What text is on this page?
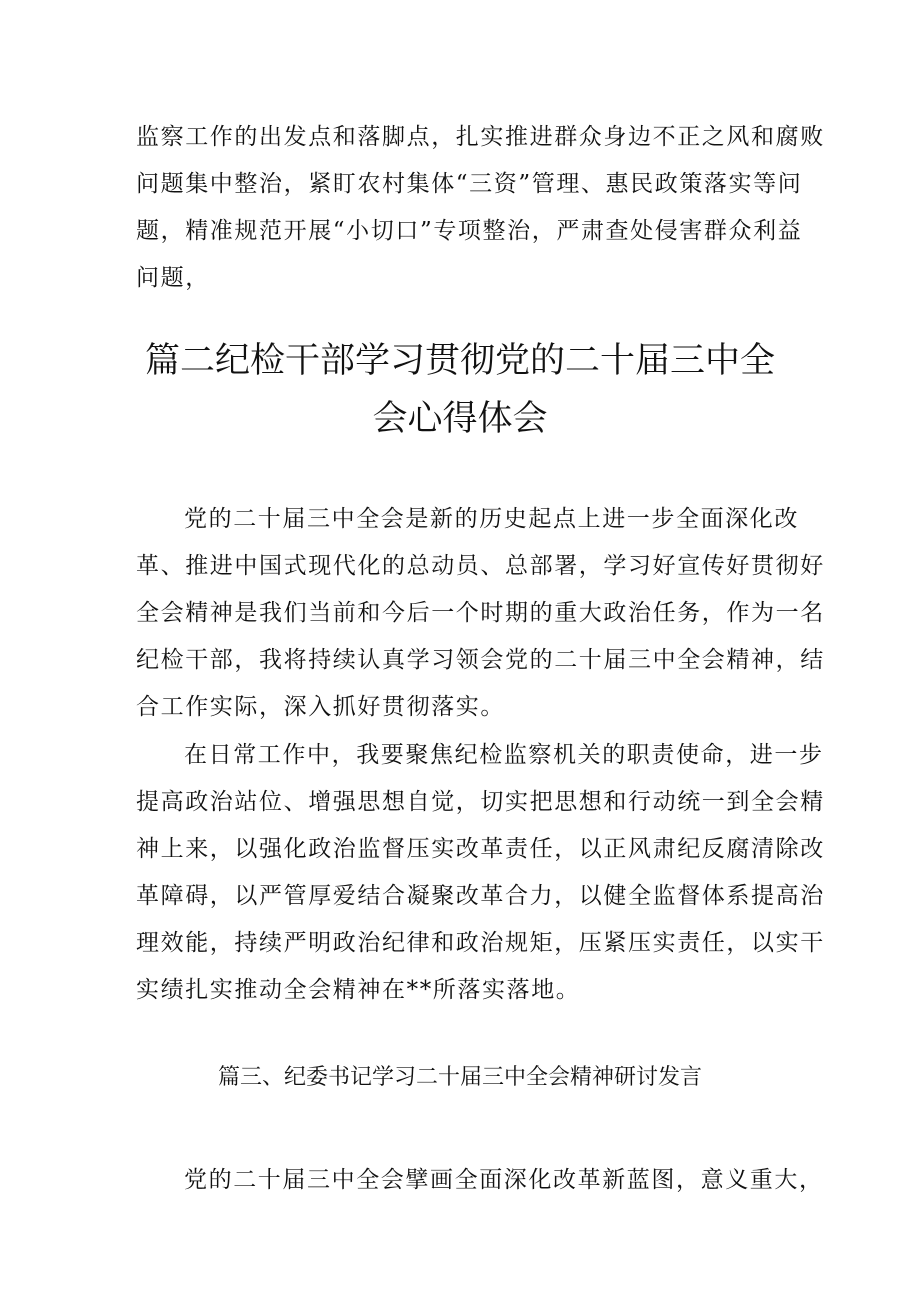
监察工作的出发点和落脚点，扎实推进群众身边不正之风和腐败
问题集中整治，紧盯农村集体“三资”管理、惠民政策落实等问
题，精准规范开展“小切口”专项整治，严肃查处侵害群众利益
问题，
篇二纪检干部学习贯彻党的二十届三中全
会心得体会
党的二十届三中全会是新的历史起点上进一步全面深化改
革、推进中国式现代化的总动员、总部署，学习好宣传好贯彻好
全会精神是我们当前和今后一个时期的重大政治任务，作为一名
纪检干部，我将持续认真学习领会党的二十届三中全会精神，结
合工作实际，深入抓好贯彻落实。
在日常工作中，我要聚焦纪检监察机关的职责使命，进一步
提高政治站位、增强思想自觉，切实把思想和行动统一到全会精
神上来，以强化政治监督压实改革责任，以正风肃纪反腐清除改
革障碍，以严管厚爱结合凝聚改革合力，以健全监督体系提高治
理效能，持续严明政治纪律和政治规矩，压紧压实责任，以实干
实绩扎实推动全会精神在**所落实落地。
篇三、纪委书记学习二十届三中全会精神研讨发言
党的二十届三中全会擘画全面深化改革新蓝图，意义重大，
